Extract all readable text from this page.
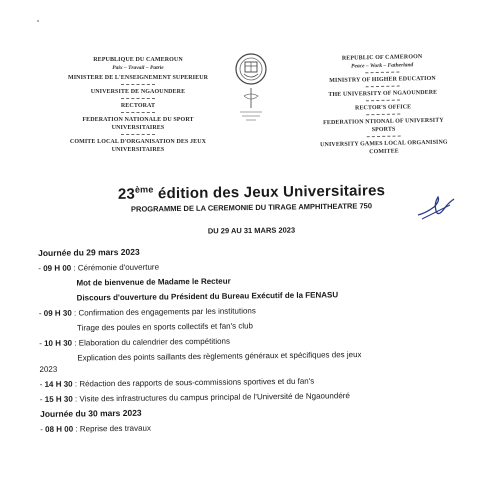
REPUBLIQUE DU CAMEROUN
Paix – Travail – Patrie
MINISTERE DE L'ENSEIGNEMENT SUPERIEUR
UNIVERSITE DE NGAOUNDERE
RECTORAT
FEDERATION NATIONALE DU SPORT
UNIVERSITAIRES
COMITE LOCAL D'ORGANISATION DES JEUX
UNIVERSITAIRES
REPUBLIC OF CAMEROON
Peace – Work – Fatherland
MINISTRY OF HIGHER EDUCATION
THE UNIVERSITY OF NGAOUNDERE
RECTOR'S OFFICE
FEDERATION NTIONAL OF UNIVERSITY
SPORTS
UNIVERSITY GAMES LOCAL ORGANISING
COMITEE
23ème édition des Jeux Universitaires
PROGRAMME DE LA CEREMONIE DU TIRAGE AMPHITHEATRE 750
DU 29 AU 31 MARS 2023
Journée du 29 mars 2023
- 09 H 00 : Cérémonie d'ouverture
Mot de bienvenue de Madame le Recteur
Discours d'ouverture du Président du Bureau Exécutif de la FENASU
- 09 H 30 : Confirmation des engagements par les institutions
Tirage des poules en sports collectifs et fan's club
- 10 H 30 : Elaboration du calendrier des compétitions
Explication des points saillants des règlements généraux et spécifiques des jeux
2023
- 14 H 30 : Rédaction des rapports de sous-commissions sportives et du fan's
- 15 H 30 : Visite des infrastructures du campus principal de l'Université de Ngaoundéré
Journée du 30 mars 2023
- 08 H 00 : Reprise des travaux
